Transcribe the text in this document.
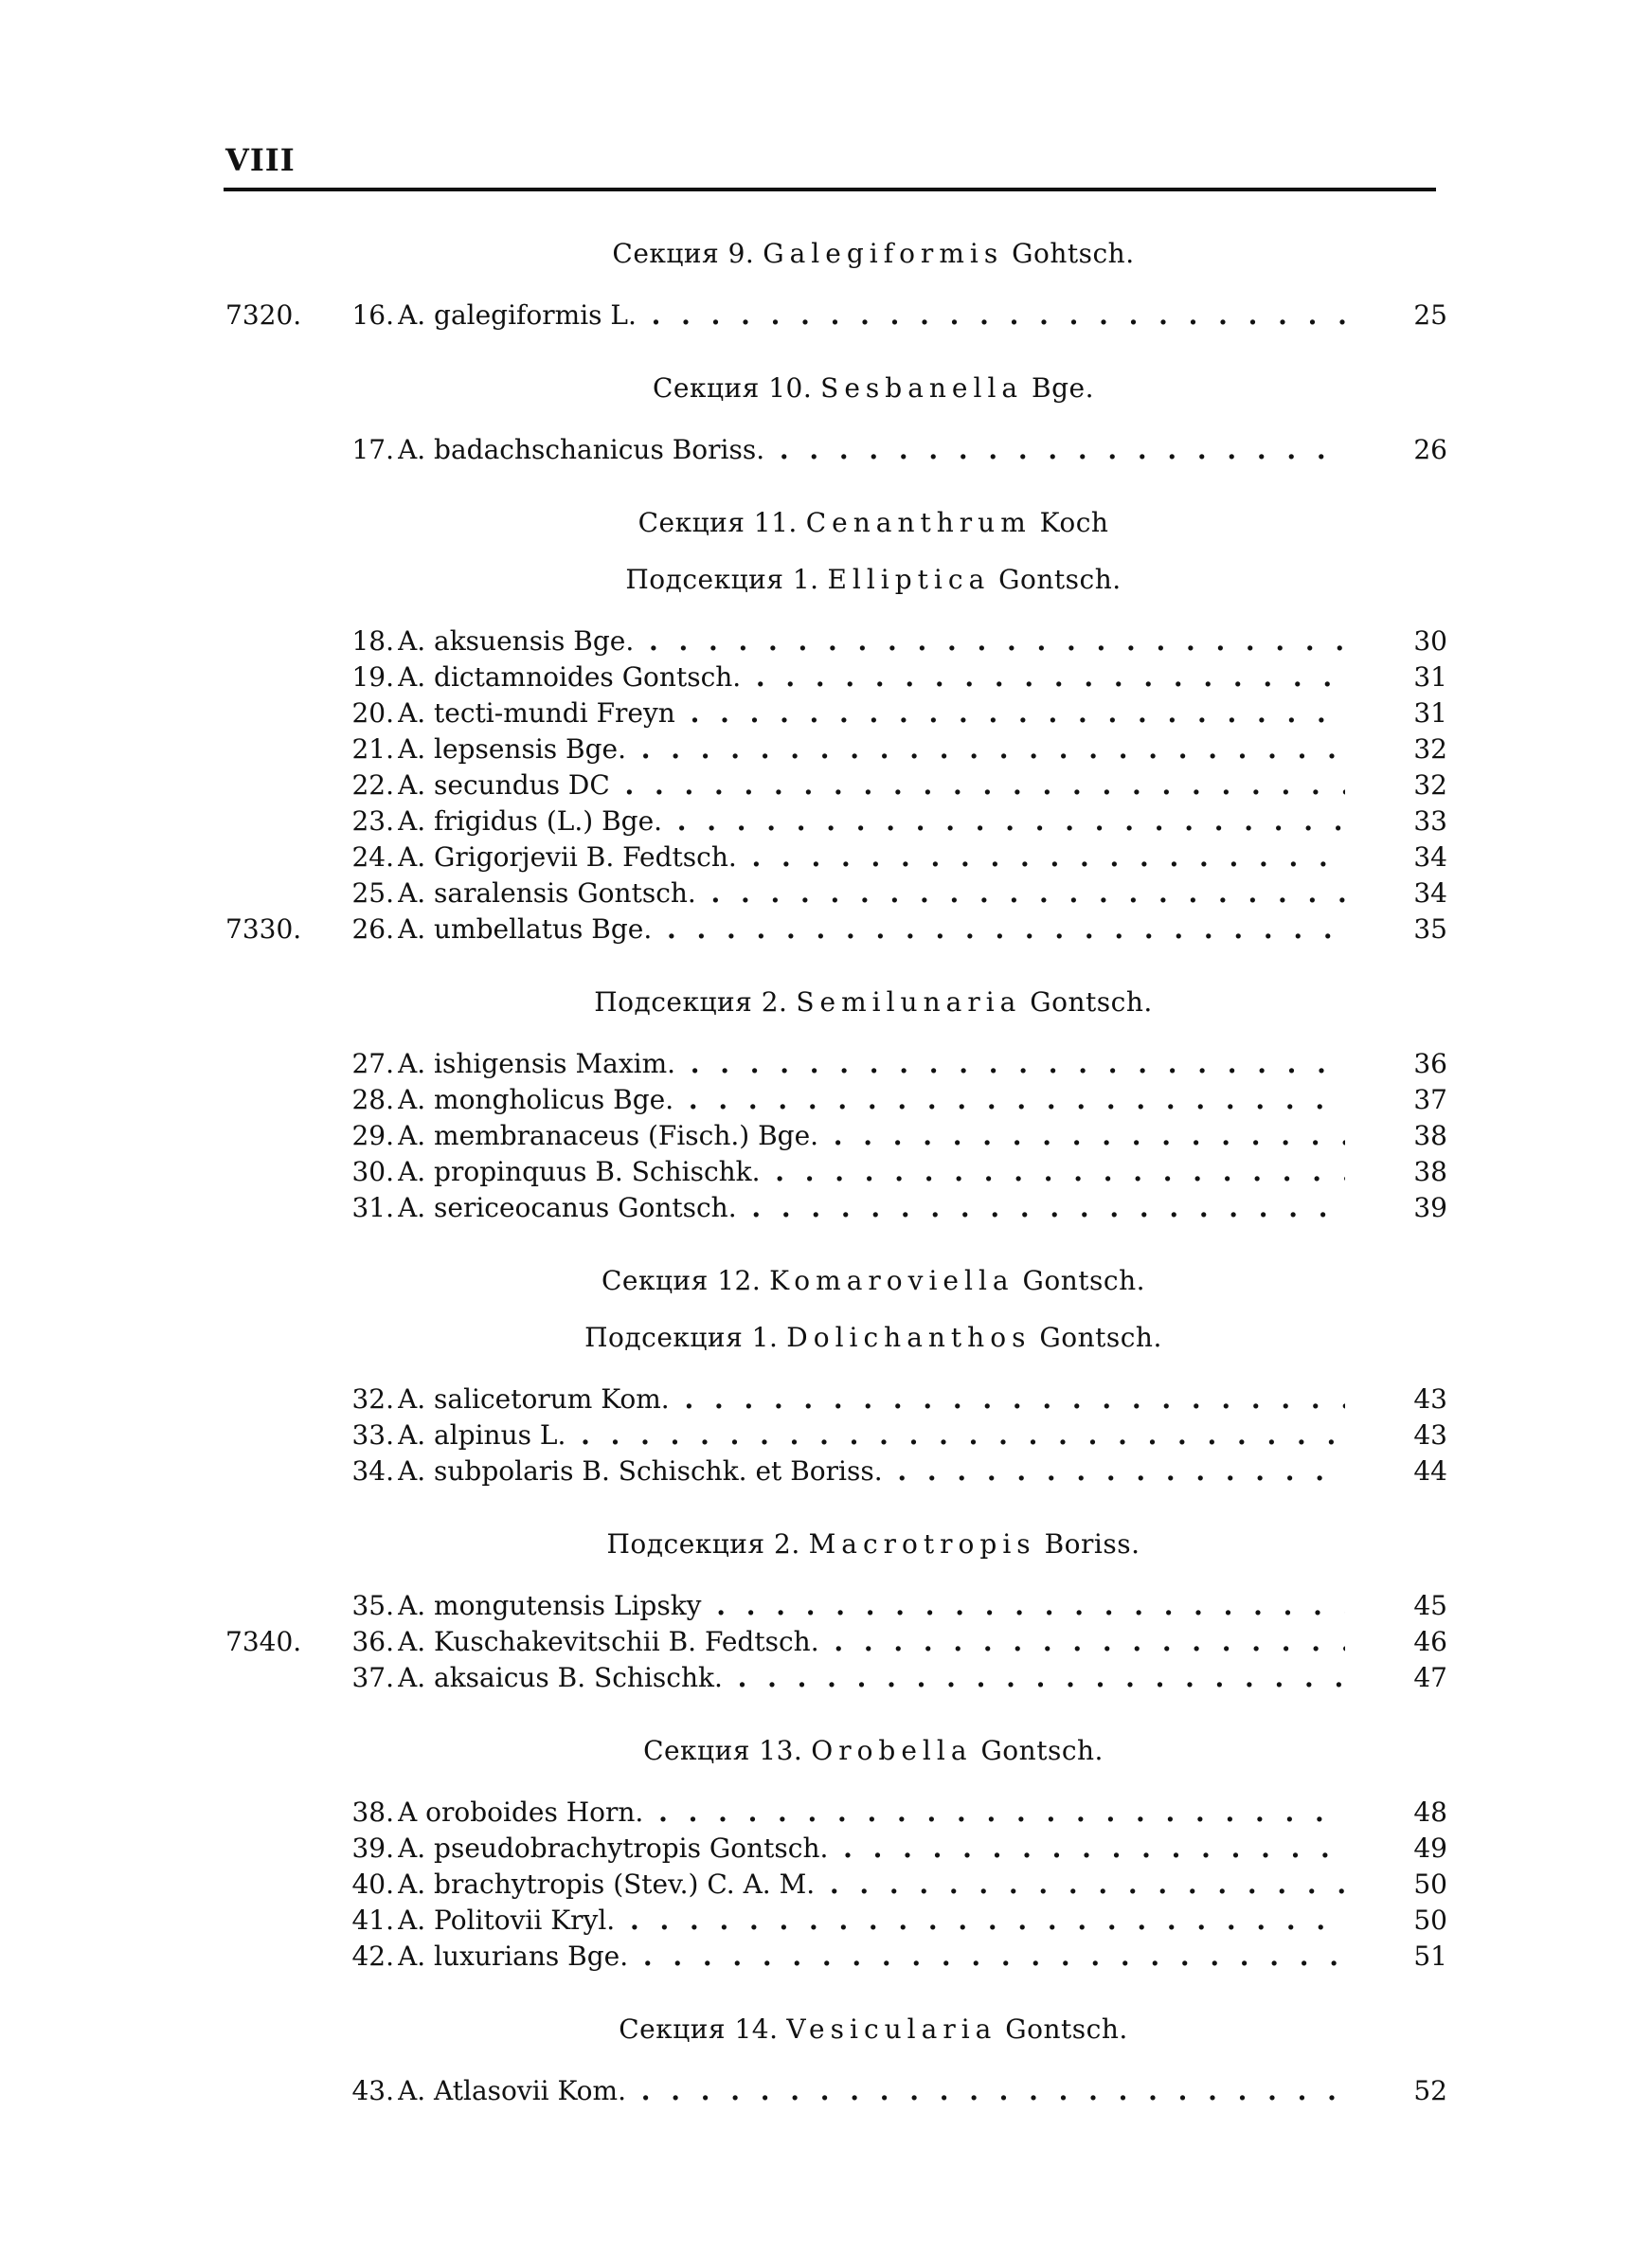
VIII
Секция 9. Galegiformis Gohtsch.
7320.	16. A. galegiformis L. . . .	25
Секция 10. Sesbanella Bge.
17. A. badachschanicus Boriss. . . .	26
Секция 11. Cenanthrum Koch
Подсекция 1. Elliptica Gontsch.
18. A. aksuensis Bge. . . .	30
19. A. dictamnoides Gontsch. . . .	31
20. A. tecti-mundi Freyn . . .	31
21. A. lepsensis Bge. . . .	32
22. A. secundus DC . . .	32
23. A. frigidus (L.) Bge. . . .	33
24. A. Grigorjevii B. Fedtsch. . . .	34
25. A. saralensis Gontsch. . . .	34
7330.	26. A. umbellatus Bge. . . .	35
Подсекция 2. Semilunaria Gontsch.
27. A. ishigensis Maxim. . . .	36
28. A. mongholicus Bge. . . .	37
29. A. membranaceus (Fisch.) Bge. . . .	38
30. A. propinquus B. Schischk. . . .	38
31. A. sericeocanus Gontsch. . . .	39
Секция 12. Komaroviella Gontsch.
Подсекция 1. Dolichanthos Gontsch.
32. A. salicetorum Kom. . . .	43
33. A. alpinus L. . . .	43
34. A. subpolaris B. Schischk. et Boriss. . . .	44
Подсекция 2. Macrotropis Boriss.
35. A. mongutensis Lipsky . . .	45
7340.	36. A. Kuschakevitschii B. Fedtsch. . . .	46
37. A. aksaicus B. Schischk. . . .	47
Секция 13. Orobella Gontsch.
38. A oroboides Horn. . . .	48
39. A. pseudobrachytropis Gontsch. . . .	49
40. A. brachytropis (Stev.) C. A. M. . . .	50
41. A. Politovii Kryl. . . .	50
42. A. luxurians Bge. . . .	51
Секция 14. Vesicularia Gontsch.
43. A. Atlasovii Kom. . . .	52
